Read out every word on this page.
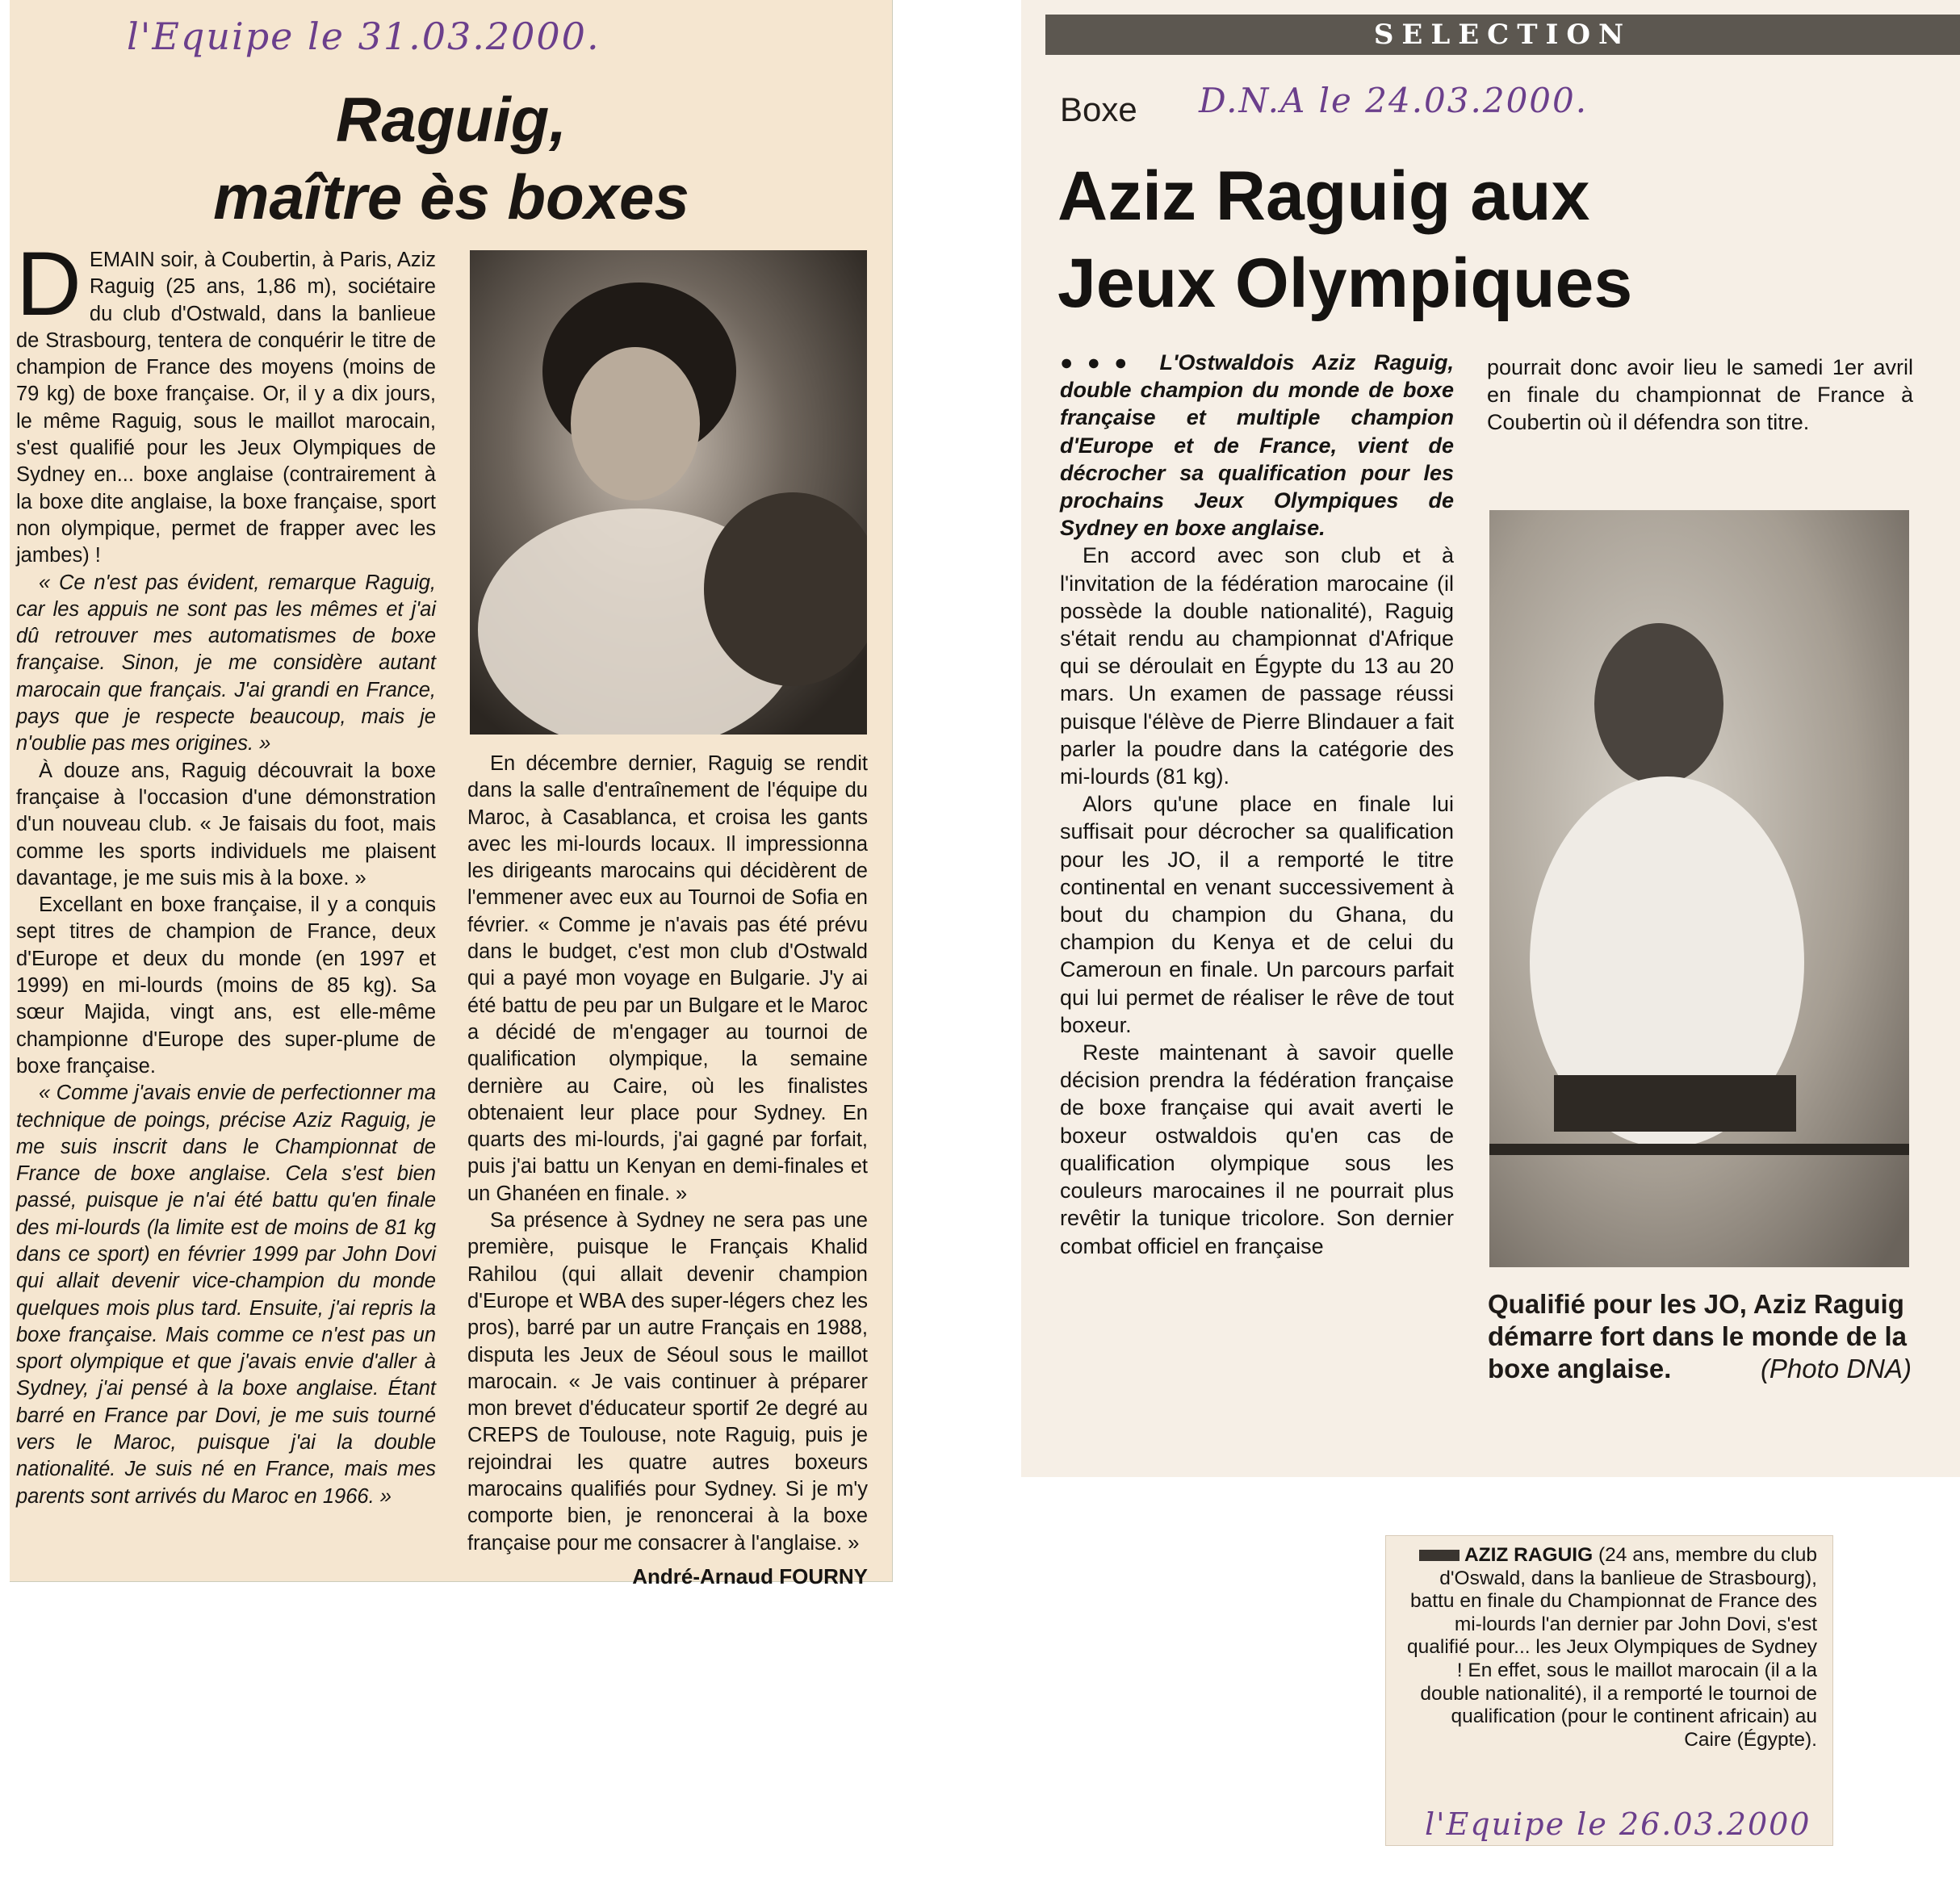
l'Equipe le 31.03.2000.
Raguig,
maître ès boxes
D EMAIN soir, à Coubertin, à Paris, Aziz Raguig (25 ans, 1,86 m), sociétaire du club d'Ostwald, dans la banlieue de Strasbourg, tentera de conquérir le titre de champion de France des moyens (moins de 79 kg) de boxe française. Or, il y a dix jours, le même Raguig, sous le maillot marocain, s'est qualifié pour les Jeux Olympiques de Sydney en... boxe anglaise (contrairement à la boxe dite anglaise, la boxe française, sport non olympique, permet de frapper avec les jambes) !

« Ce n'est pas évident, remarque Raguig, car les appuis ne sont pas les mêmes et j'ai dû retrouver mes automatismes de boxe française. Sinon, je me considère autant marocain que français. J'ai grandi en France, pays que je respecte beaucoup, mais je n'oublie pas mes origines. »

À douze ans, Raguig découvrait la boxe française à l'occasion d'une démonstration d'un nouveau club. « Je faisais du foot, mais comme les sports individuels me plaisent davantage, je me suis mis à la boxe. »

Excellant en boxe française, il y a conquis sept titres de champion de France, deux d'Europe et deux du monde (en 1997 et 1999) en mi-lourds (moins de 85 kg). Sa sœur Majida, vingt ans, est elle-même championne d'Europe des super-plume de boxe française.

« Comme j'avais envie de perfectionner ma technique de poings, précise Aziz Raguig, je me suis inscrit dans le Championnat de France de boxe anglaise. Cela s'est bien passé, puisque je n'ai été battu qu'en finale des mi-lourds (la limite est de moins de 81 kg dans ce sport) en février 1999 par John Dovi qui allait devenir vice-champion du monde quelques mois plus tard. Ensuite, j'ai repris la boxe française. Mais comme ce n'est pas un sport olympique et que j'avais envie d'aller à Sydney, j'ai pensé à la boxe anglaise. Étant barré en France par Dovi, je me suis tourné vers le Maroc, puisque j'ai la double nationalité. Je suis né en France, mais mes parents sont arrivés du Maroc en 1966. »

En décembre dernier, Raguig se rendit dans la salle d'entraînement de l'équipe du Maroc, à Casablanca, et croisa les gants avec les mi-lourds locaux. Il impressionna les dirigeants marocains qui décidèrent de l'emmener avec eux au Tournoi de Sofia en février. « Comme je n'avais pas été prévu dans le budget, c'est mon club d'Ostwald qui a payé mon voyage en Bulgarie. J'y ai été battu de peu par un Bulgare et le Maroc a décidé de m'engager au tournoi de qualification olympique, la semaine dernière au Caire, où les finalistes obtenaient leur place pour Sydney. En quarts des mi-lourds, j'ai gagné par forfait, puis j'ai battu un Kenyan en demi-finales et un Ghanéen en finale. »

Sa présence à Sydney ne sera pas une première, puisque le Français Khalid Rahilou (qui allait devenir champion d'Europe et WBA des super-légers chez les pros), barré par un autre Français en 1988, disputa les Jeux de Séoul sous le maillot marocain. « Je vais continuer à préparer mon brevet d'éducateur sportif 2e degré au CREPS de Toulouse, note Raguig, puis je rejoindrai les quatre autres boxeurs marocains qualifiés pour Sydney. Si je m'y comporte bien, je renoncerai à la boxe française pour me consacrer à l'anglaise. »

André-Arnaud FOURNY
SELECTION
Boxe D.N.A le 24.03.2000.
Aziz Raguig aux
Jeux Olympiques

●●● L'Ostwaldois Aziz Raguig, double champion du monde de boxe française et multiple champion d'Europe et de France, vient de décrocher sa qualification pour les prochains Jeux Olympiques de Sydney en boxe anglaise.

En accord avec son club et à l'invitation de la fédération marocaine (il possède la double nationalité), Raguig s'était rendu au championnat d'Afrique qui se déroulait en Égypte du 13 au 20 mars. Un examen de passage réussi puisque l'élève de Pierre Blindauer a fait parler la poudre dans la catégorie des mi-lourds (81 kg).

Alors qu'une place en finale lui suffisait pour décrocher sa qualification pour les JO, il a remporté le titre continental en venant successivement à bout du champion du Ghana, du champion du Kenya et de celui du Cameroun en finale. Un parcours parfait qui lui permet de réaliser le rêve de tout boxeur.

Reste maintenant à savoir quelle décision prendra la fédération française de boxe française qui avait averti le boxeur ostwaldois qu'en cas de qualification olympique sous les couleurs marocaines il ne pourrait plus revêtir la tunique tricolore. Son dernier combat officiel en française

pourrait donc avoir lieu le samedi 1er avril en finale du championnat de France à Coubertin où il défendra son titre.

Qualifié pour les JO, Aziz Raguig démarre fort dans le monde de la boxe anglaise.	(Photo DNA)
AZIZ RAGUIG (24 ans, membre du club d'Oswald, dans la banlieue de Strasbourg), battu en finale du Championnat de France des mi-lourds l'an dernier par John Dovi, s'est qualifié pour... les Jeux Olympiques de Sydney ! En effet, sous le maillot marocain (il a la double nationalité), il a remporté le tournoi de qualification (pour le continent africain) au Caire (Égypte).
l'Equipe le 26.03.2000
